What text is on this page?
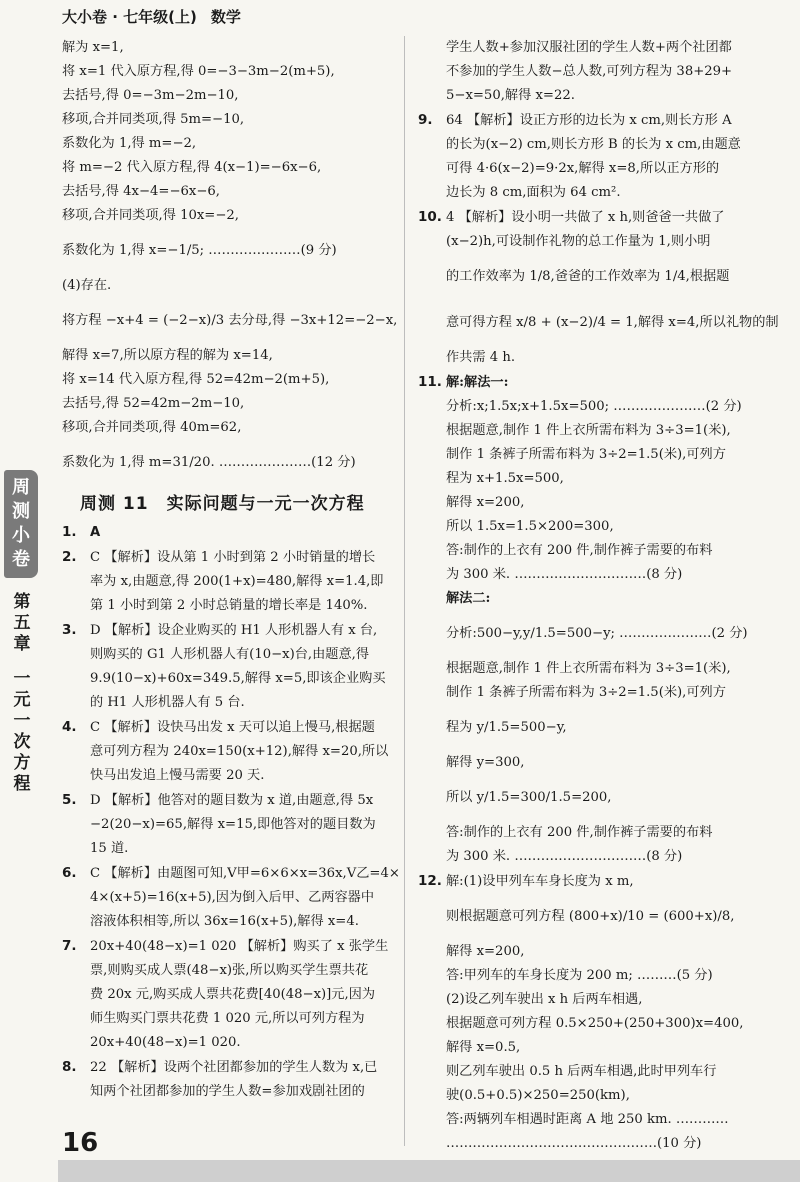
大小卷 · 七年级(上) 数学
周测小卷
第五章
一元一次方程
解为 x=1,
将 x=1 代入原方程,得 0=−3−3m−2(m+5),
去括号,得 0=−3m−2m−10,
移项,合并同类项,得 5m=−10,
系数化为 1,得 m=−2,
将 m=−2 代入原方程,得 4(x−1)=−6x−6,
去括号,得 4x−4=−6x−6,
移项,合并同类项,得 10x=−2,
系数化为 1,得 x=−1/5; …………………(9 分)
(4)存在.
将方程 −x+4 = (−2−x)/3 去分母,得 −3x+12=−2−x,
解得 x=7,所以原方程的解为 x=14,
将 x=14 代入原方程,得 52=42m−2(m+5),
去括号,得 52=42m−2m−10,
移项,合并同类项,得 40m=62,
系数化为 1,得 m=31/20. …………………(12 分)
周测 11　实际问题与一元一次方程
1. A
2. C 【解析】设从第 1 小时到第 2 小时销量的增长
率为 x,由题意,得 200(1+x)=480,解得 x=1.4,即
第 1 小时到第 2 小时总销量的增长率是 140%.
3. D 【解析】设企业购买的 H1 人形机器人有 x 台,
则购买的 G1 人形机器人有(10−x)台,由题意,得
9.9(10−x)+60x=349.5,解得 x=5,即该企业购买
的 H1 人形机器人有 5 台.
4. C 【解析】设快马出发 x 天可以追上慢马,根据题
意可列方程为 240x=150(x+12),解得 x=20,所以
快马出发追上慢马需要 20 天.
5. D 【解析】他答对的题目数为 x 道,由题意,得 5x
−2(20−x)=65,解得 x=15,即他答对的题目数为
15 道.
6. C 【解析】由题图可知,V甲=6×6×x=36x,V乙=4×
4×(x+5)=16(x+5),因为倒入后甲、乙两容器中
溶液体积相等,所以 36x=16(x+5),解得 x=4.
7. 20x+40(48−x)=1 020 【解析】购买了 x 张学生
票,则购买成人票(48−x)张,所以购买学生票共花
费 20x 元,购买成人票共花费[40(48−x)]元,因为
师生购买门票共花费 1 020 元,所以可列方程为
20x+40(48−x)=1 020.
8. 22 【解析】设两个社团都参加的学生人数为 x,已
知两个社团都参加的学生人数=参加戏剧社团的
学生人数+参加汉服社团的学生人数+两个社团都
不参加的学生人数−总人数,可列方程为 38+29+
5−x=50,解得 x=22.
9. 64 【解析】设正方形的边长为 x cm,则长方形 A
的长为(x−2) cm,则长方形 B 的长为 x cm,由题意
可得 4·6(x−2)=9·2x,解得 x=8,所以正方形的
边长为 8 cm,面积为 64 cm².
10. 4 【解析】设小明一共做了 x h,则爸爸一共做了
(x−2)h,可设制作礼物的总工作量为 1,则小明
的工作效率为 1/8,爸爸的工作效率为 1/4,根据题
意可得方程 x/8 + (x−2)/4 = 1,解得 x=4,所以礼物的制
作共需 4 h.
11. 解:解法一:
分析:x;1.5x;x+1.5x=500; …………………(2 分)
根据题意,制作 1 件上衣所需布料为 3÷3=1(米),
制作 1 条裤子所需布料为 3÷2=1.5(米),可列方
程为 x+1.5x=500,
解得 x=200,
所以 1.5x=1.5×200=300,
答:制作的上衣有 200 件,制作裤子需要的布料
为 300 米. …………………………(8 分)
解法二:
分析:500−y,y/1.5=500−y; …………………(2 分)
根据题意,制作 1 件上衣所需布料为 3÷3=1(米),
制作 1 条裤子所需布料为 3÷2=1.5(米),可列方
程为 y/1.5=500−y,
解得 y=300,
所以 y/1.5=300/1.5=200,
答:制作的上衣有 200 件,制作裤子需要的布料
为 300 米. …………………………(8 分)
12. 解:(1)设甲列车车身长度为 x m,
则根据题意可列方程 (800+x)/10 = (600+x)/8,
解得 x=200,
答:甲列车的车身长度为 200 m; ………(5 分)
(2)设乙列车驶出 x h 后两车相遇,
根据题意可列方程 0.5×250+(250+300)x=400,
解得 x=0.5,
则乙列车驶出 0.5 h 后两车相遇,此时甲列车行
驶(0.5+0.5)×250=250(km),
答:两辆列车相遇时距离 A 地 250 km. …………
…………………………………………(10 分)
16
